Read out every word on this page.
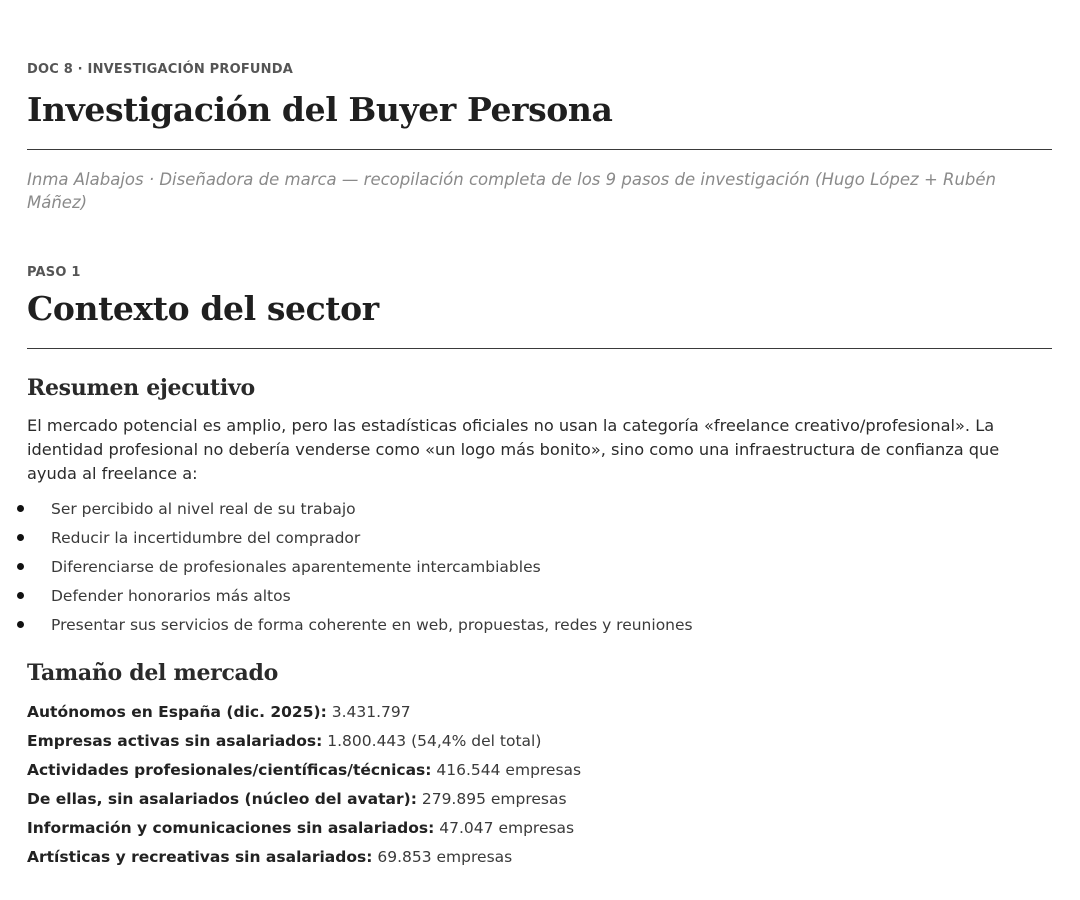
DOC 8 · INVESTIGACIÓN PROFUNDA

Investigación del Buyer Persona

Inma Alabajos · Diseñadora de marca — recopilación completa de los 9 pasos de investigación (Hugo López + Rubén Máñez)

PASO 1

Contexto del sector
Resumen ejecutivo

El mercado potencial es amplio, pero las estadísticas oficiales no usan la categoría «freelance creativo/profesional». La identidad profesional no debería venderse como «un logo más bonito», sino como una infraestructura de confianza que ayuda al freelance a:

Ser percibido al nivel real de su trabajo
Reducir la incertidumbre del comprador
Diferenciarse de profesionales aparentemente intercambiables
Defender honorarios más altos
Presentar sus servicios de forma coherente en web, propuestas, redes y reuniones
Tamaño del mercado
Autónomos en España (dic. 2025): 3.431.797
Empresas activas sin asalariados: 1.800.443 (54,4% del total)
Actividades profesionales/científicas/técnicas: 416.544 empresas
De ellas, sin asalariados (núcleo del avatar): 279.895 empresas
Información y comunicaciones sin asalariados: 47.047 empresas
Artísticas y recreativas sin asalariados: 69.853 empresas
